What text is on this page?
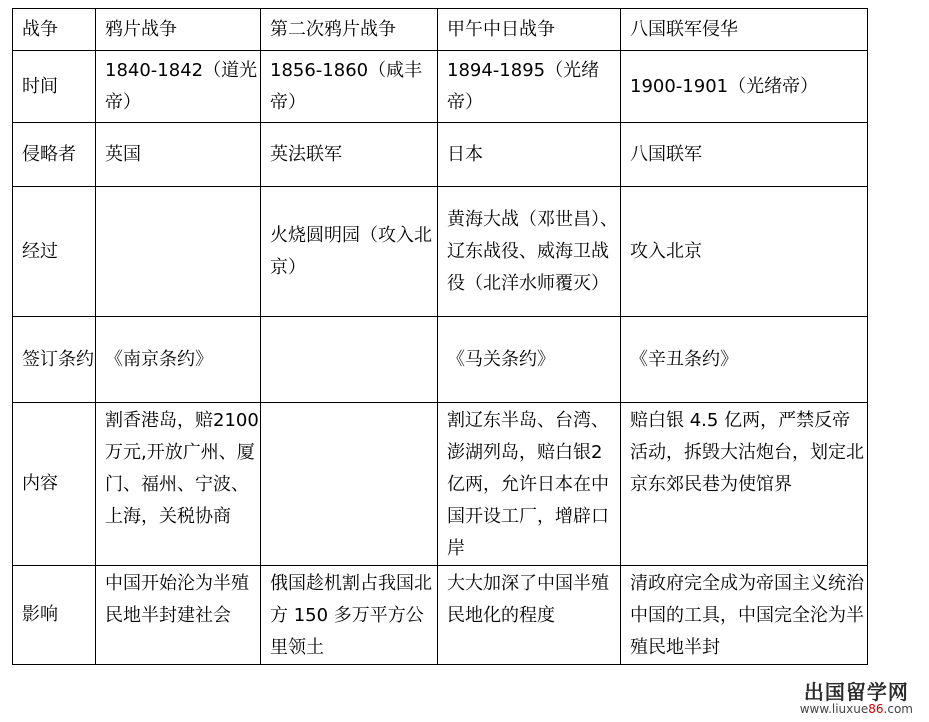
战争	鸦片战争	第二次鸦片战争	甲午中日战争	八国联军侵华
时间	1840-1842（道光帝）	1856-1860（咸丰帝）	1894-1895（光绪帝）	1900-1901（光绪帝）
侵略者	英国	英法联军	日本	八国联军
经过		火烧圆明园（攻入北京）	黄海大战（邓世昌）、辽东战役、威海卫战役（北洋水师覆灭）	攻入北京
签订条约	《南京条约》		《马关条约》	《辛丑条约》
内容	割香港岛，赔2100万元,开放广州、厦门、福州、宁波、上海，关税协商		割辽东半岛、台湾、澎湖列岛，赔白银2亿两，允许日本在中国开设工厂，增辟口岸	赔白银 4.5 亿两，严禁反帝活动，拆毁大沽炮台，划定北京东郊民巷为使馆界
影响	中国开始沦为半殖民地半封建社会	俄国趁机割占我国北方 150 多万平方公里领土	大大加深了中国半殖民地化的程度	清政府完全成为帝国主义统治中国的工具，中国完全沦为半殖民地半封
出国留学网
www.liuxue86.com
